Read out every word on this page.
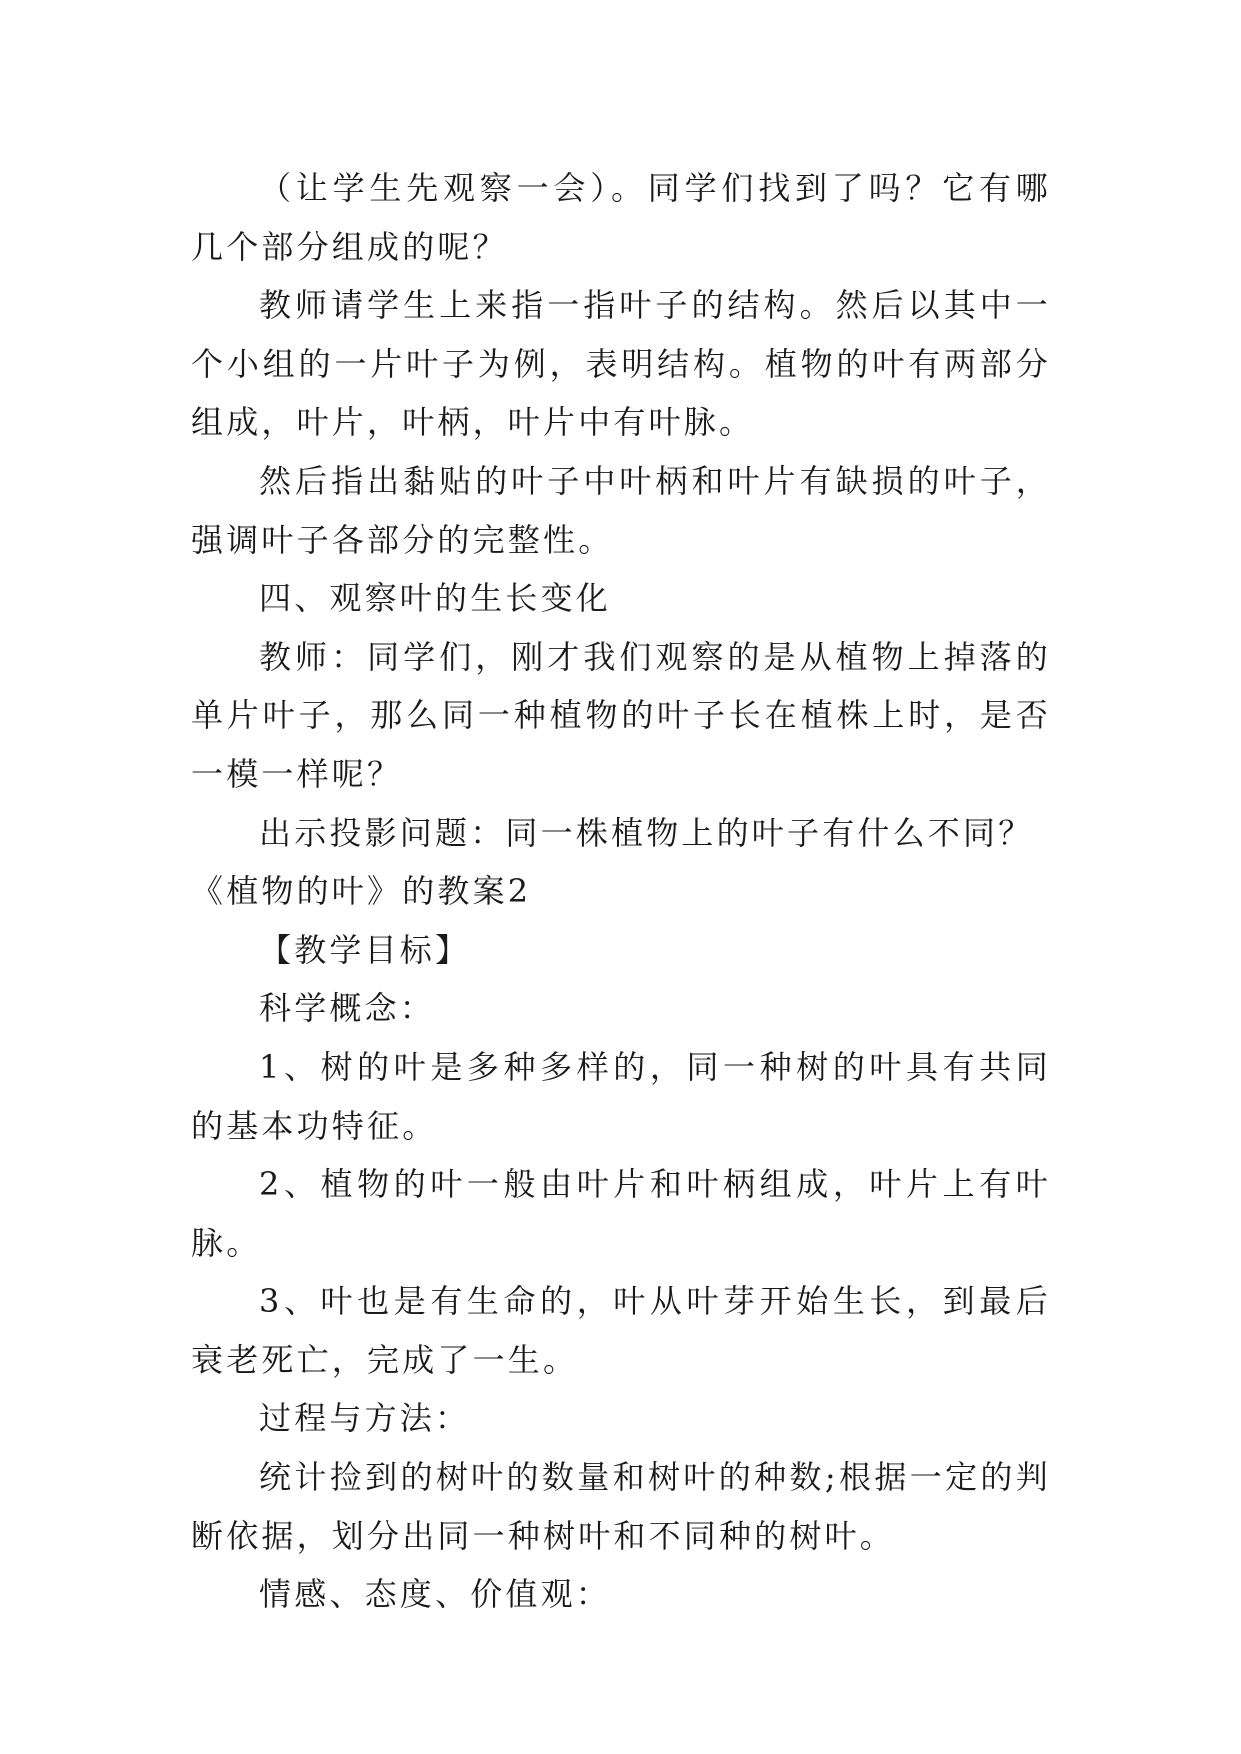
（让学生先观察一会）。同学们找到了吗？它有哪几个部分组成的呢？

教师请学生上来指一指叶子的结构。然后以其中一个小组的一片叶子为例，表明结构。植物的叶有两部分组成，叶片，叶柄，叶片中有叶脉。

然后指出黏贴的叶子中叶柄和叶片有缺损的叶子，强调叶子各部分的完整性。

四、观察叶的生长变化

教师：同学们，刚才我们观察的是从植物上掉落的单片叶子，那么同一种植物的叶子长在植株上时，是否一模一样呢？

出示投影问题：同一株植物上的叶子有什么不同？

《植物的叶》的教案2

【教学目标】

科学概念：

1、树的叶是多种多样的，同一种树的叶具有共同的基本功特征。

2、植物的叶一般由叶片和叶柄组成，叶片上有叶脉。

3、叶也是有生命的，叶从叶芽开始生长，到最后衰老死亡，完成了一生。

过程与方法：

统计捡到的树叶的数量和树叶的种数;根据一定的判断依据，划分出同一种树叶和不同种的树叶。

情感、态度、价值观：
